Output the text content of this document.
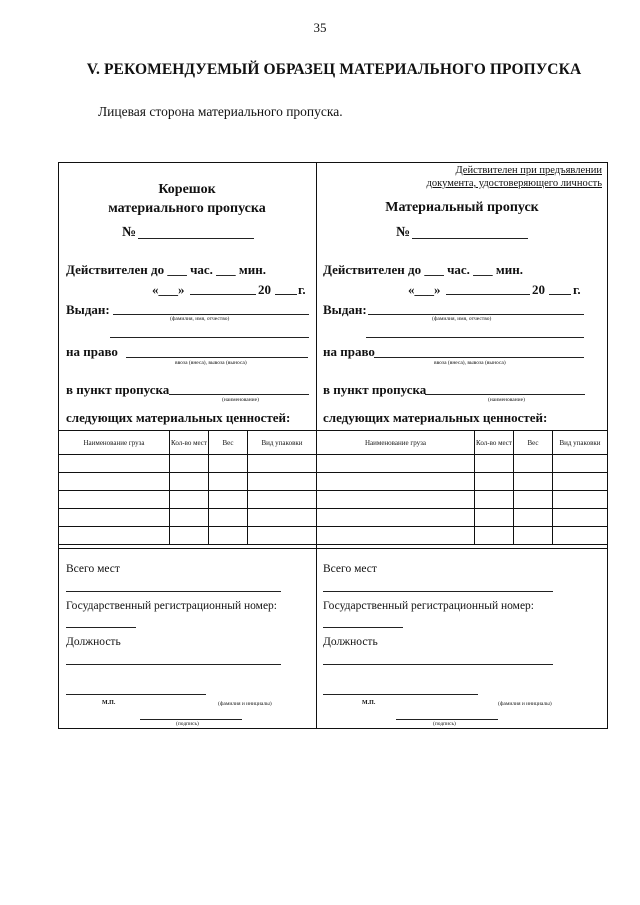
35
V. РЕКОМЕНДУЕМЫЙ ОБРАЗЕЦ МАТЕРИАЛЬНОГО ПРОПУСКА
Лицевая сторона материального пропуска.
Корешок
материального пропуска
№
Действителен до ___ час. ___ мин.
«___»	20 г.
Выдан:
(фамилия, имя, отчество)
на право
ввоза (внеса), вывоза (выноса)
в пункт пропуска
(наименование)
следующих материальных ценностей:
Наименование груза	Кол-во мест	Вес	Вид упаковки

Всего мест
Государственный регистрационный номер:
Должность
М.П.	(фамилия и инициалы)
(подпись)
Действителен при предъявлении
документа, удостоверяющего личность
Материальный пропуск
№
Действителен до ___ час. ___ мин.
«___»	20 г.
Выдан:
(фамилия, имя, отчество)
на право
ввоза (внеса), вывоза (выноса)
в пункт пропуска
(наименование)
следующих материальных ценностей:
Наименование груза	Кол-во мест	Вес	Вид упаковки

Всего мест
Государственный регистрационный номер:
Должность
М.П.	(фамилия и инициалы)
(подпись)
